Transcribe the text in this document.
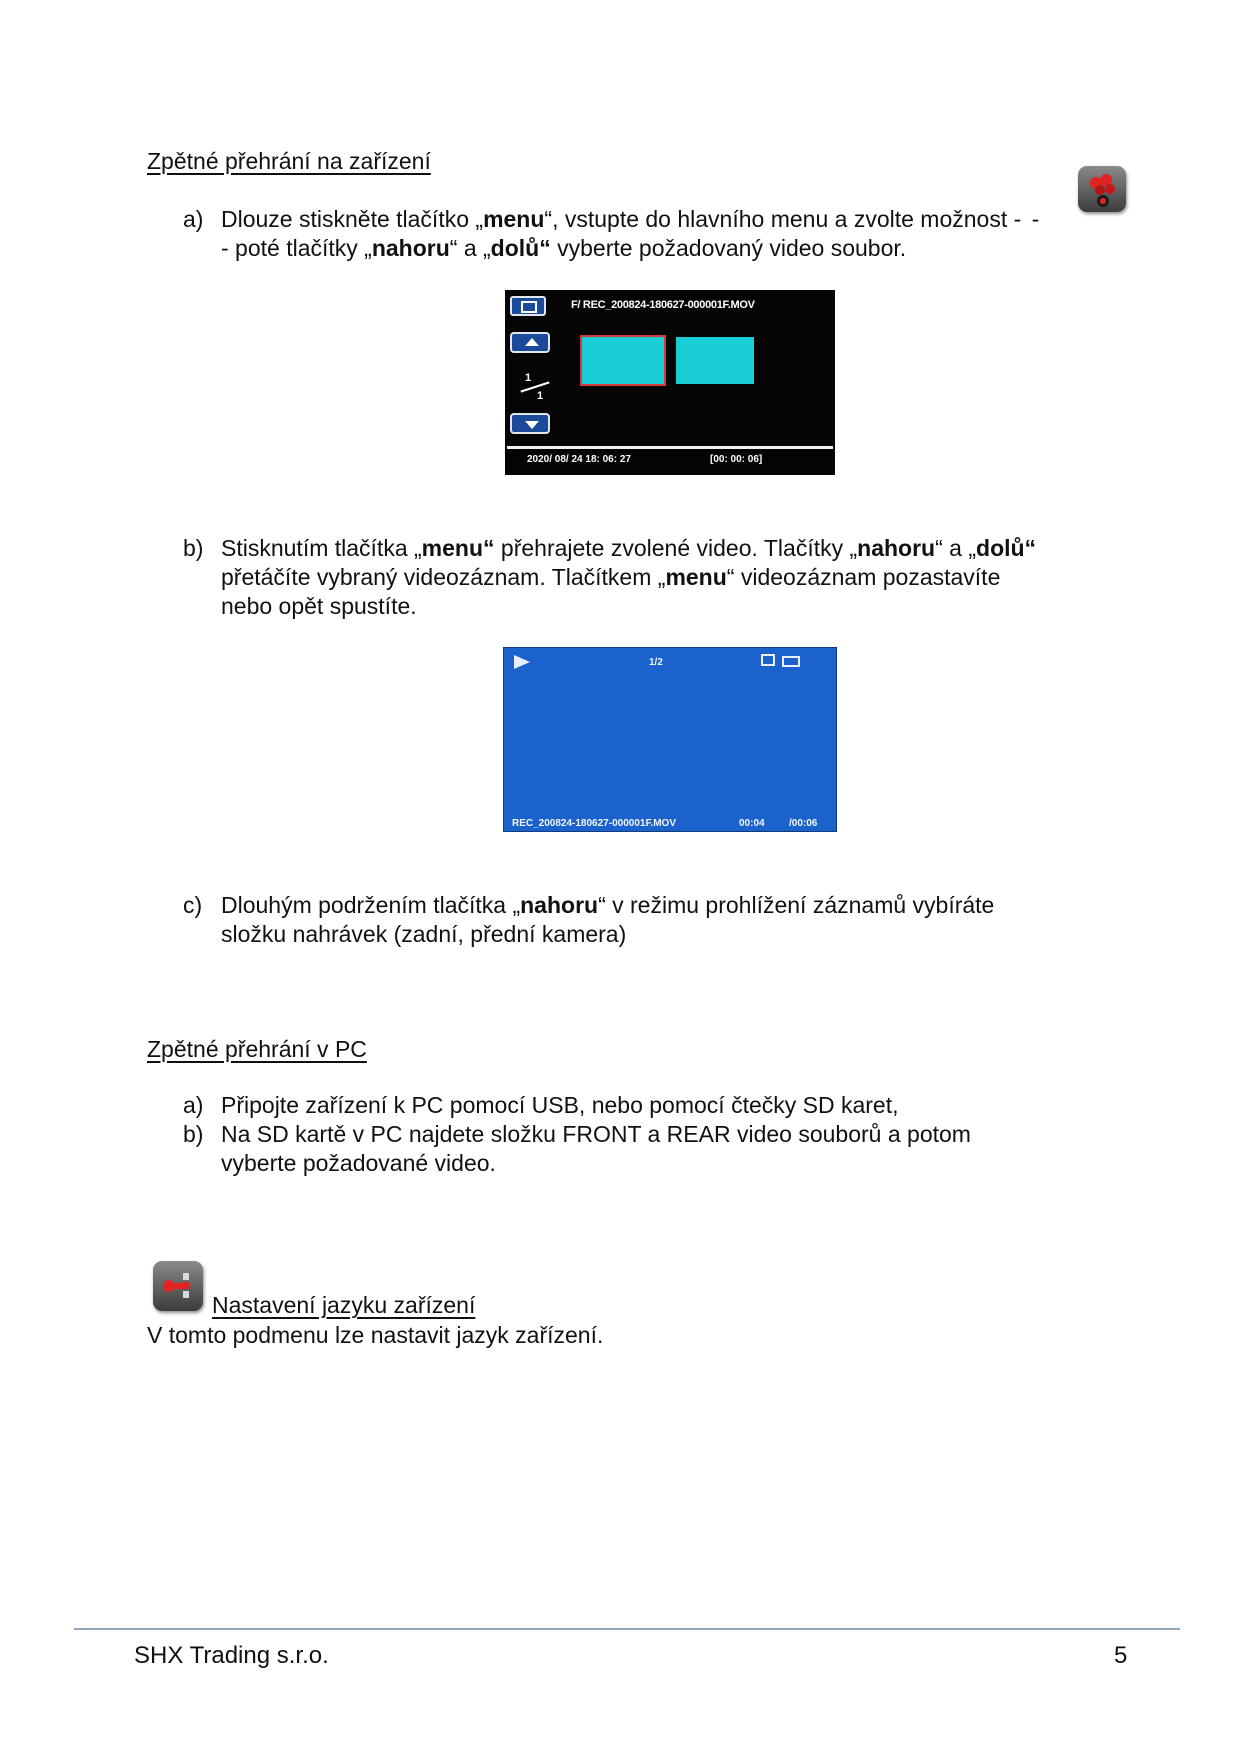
Zpětné přehrání na zařízení
a) Dlouze stiskněte tlačítko „menu“, vstupte do hlavního menu a zvolte možnost - -
- poté tlačítky „nahoru“ a „dolů“ vyberte požadovaný video soubor.
F/ REC_200824-180627-000001F.MOV
1
1
2020/ 08/ 24 18: 06: 27	[00: 00: 06]
b) Stisknutím tlačítka „menu“ přehrajete zvolené video. Tlačítky „nahoru“ a „dolů“
přetáčíte vybraný videozáznam. Tlačítkem „menu“ videozáznam pozastavíte
nebo opět spustíte.
1/2
REC_200824-180627-000001F.MOV	00:04 /00:06
c) Dlouhým podržením tlačítka „nahoru“ v režimu prohlížení záznamů vybíráte
složku nahrávek (zadní, přední kamera)
Zpětné přehrání v PC
a) Připojte zařízení k PC pomocí USB, nebo pomocí čtečky SD karet,
b) Na SD kartě v PC najdete složku FRONT a REAR video souborů a potom
vyberte požadované video.
Nastavení jazyku zařízení
V tomto podmenu lze nastavit jazyk zařízení.
SHX Trading s.r.o.	5
